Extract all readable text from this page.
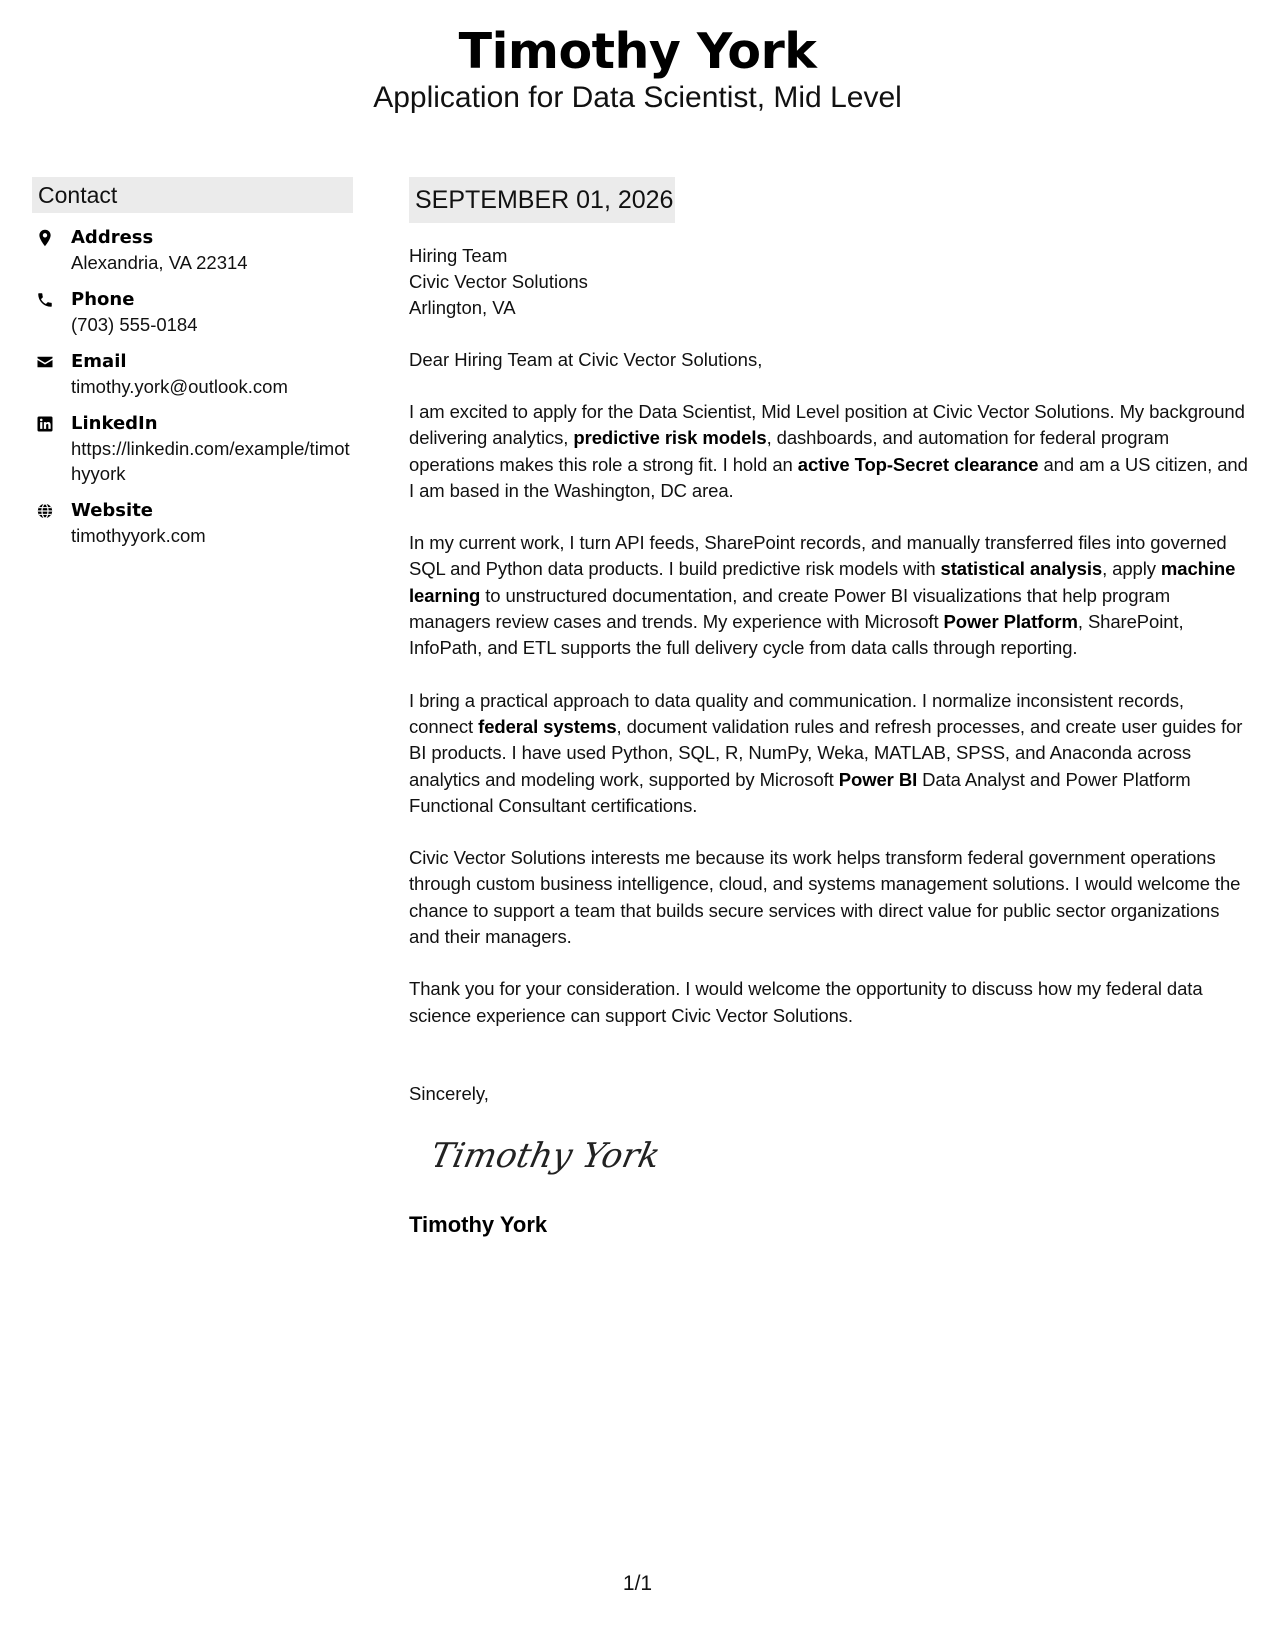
Timothy York
Application for Data Scientist, Mid Level
Contact
Address
Alexandria, VA 22314
Phone
(703) 555-0184
Email
timothy.york@outlook.com
LinkedIn
https://linkedin.com/example/timothyyork
Website
timothyyork.com
SEPTEMBER 01, 2026
Hiring Team
Civic Vector Solutions
Arlington, VA
Dear Hiring Team at Civic Vector Solutions,
I am excited to apply for the Data Scientist, Mid Level position at Civic Vector Solutions. My background delivering analytics, predictive risk models, dashboards, and automation for federal program operations makes this role a strong fit. I hold an active Top-Secret clearance and am a US citizen, and I am based in the Washington, DC area.
In my current work, I turn API feeds, SharePoint records, and manually transferred files into governed SQL and Python data products. I build predictive risk models with statistical analysis, apply machine learning to unstructured documentation, and create Power BI visualizations that help program managers review cases and trends. My experience with Microsoft Power Platform, SharePoint, InfoPath, and ETL supports the full delivery cycle from data calls through reporting.
I bring a practical approach to data quality and communication. I normalize inconsistent records, connect federal systems, document validation rules and refresh processes, and create user guides for BI products. I have used Python, SQL, R, NumPy, Weka, MATLAB, SPSS, and Anaconda across analytics and modeling work, supported by Microsoft Power BI Data Analyst and Power Platform Functional Consultant certifications.
Civic Vector Solutions interests me because its work helps transform federal government operations through custom business intelligence, cloud, and systems management solutions. I would welcome the chance to support a team that builds secure services with direct value for public sector organizations and their managers.
Thank you for your consideration. I would welcome the opportunity to discuss how my federal data science experience can support Civic Vector Solutions.
Sincerely,
Timothy York
Timothy York
1/1
